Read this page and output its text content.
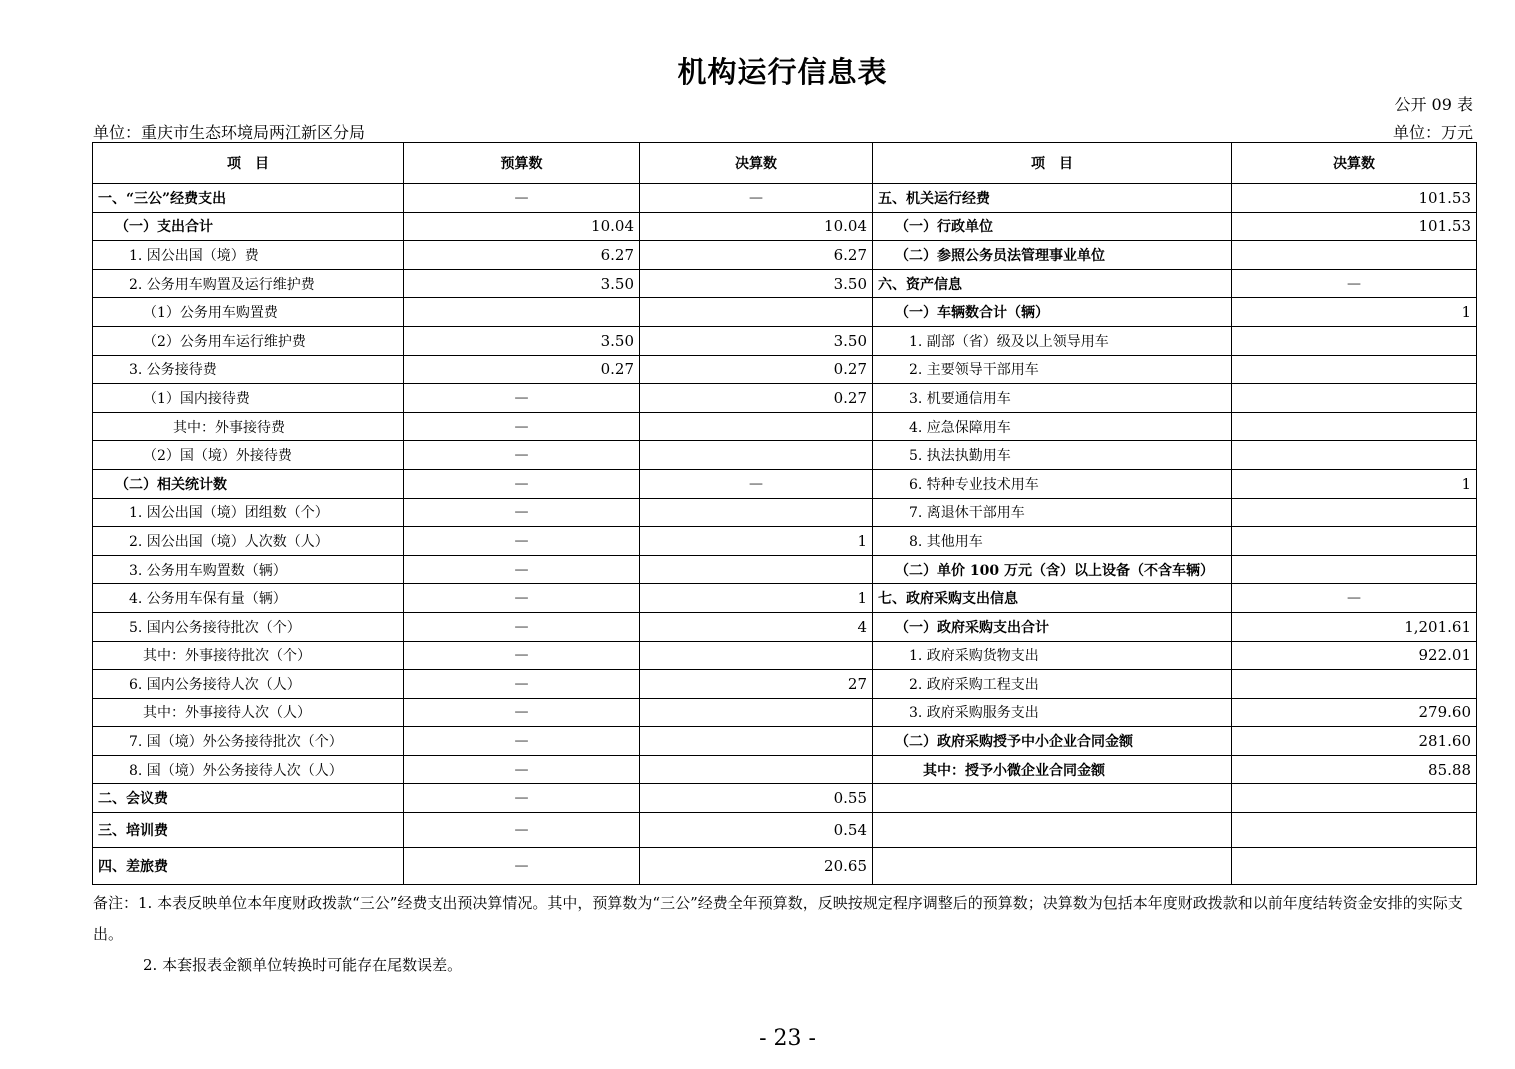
机构运行信息表
公开 09 表
单位：重庆市生态环境局两江新区分局	单位：万元
项　目	预算数	决算数	项　目	决算数
一、“三公”经费支出	—	—	五、机关运行经费	101.53
（一）支出合计	10.04	10.04	（一）行政单位	101.53
1. 因公出国（境）费	6.27	6.27	（二）参照公务员法管理事业单位	
2. 公务用车购置及运行维护费	3.50	3.50	六、资产信息	—
（1）公务用车购置费			（一）车辆数合计（辆）	1
（2）公务用车运行维护费	3.50	3.50	1. 副部（省）级及以上领导用车	
3. 公务接待费	0.27	0.27	2. 主要领导干部用车	
（1）国内接待费	—	0.27	3. 机要通信用车	
其中：外事接待费	—		4. 应急保障用车	
（2）国（境）外接待费	—		5. 执法执勤用车	
（二）相关统计数	—	—	6. 特种专业技术用车	1
1. 因公出国（境）团组数（个）	—		7. 离退休干部用车	
2. 因公出国（境）人次数（人）	—	1	8. 其他用车	
3. 公务用车购置数（辆）	—		（二）单价 100 万元（含）以上设备（不含车辆）	
4. 公务用车保有量（辆）	—	1	七、政府采购支出信息	—
5. 国内公务接待批次（个）	—	4	（一）政府采购支出合计	1,201.61
其中：外事接待批次（个）	—		1. 政府采购货物支出	922.01
6. 国内公务接待人次（人）	—	27	2. 政府采购工程支出	
其中：外事接待人次（人）	—		3. 政府采购服务支出	279.60
7. 国（境）外公务接待批次（个）	—		（二）政府采购授予中小企业合同金额	281.60
8. 国（境）外公务接待人次（人）	—		其中：授予小微企业合同金额	85.88
二、会议费	—	0.55		
三、培训费	—	0.54		
四、差旅费	—	20.65		

备注：1. 本表反映单位本年度财政拨款“三公”经费支出预决算情况。其中，预算数为“三公”经费全年预算数，反映按规定程序调整后的预算数；决算数为包括本年度财政拨款和以前年度结转资金安排的实际支出。

2. 本套报表金额单位转换时可能存在尾数误差。

- 23 -
